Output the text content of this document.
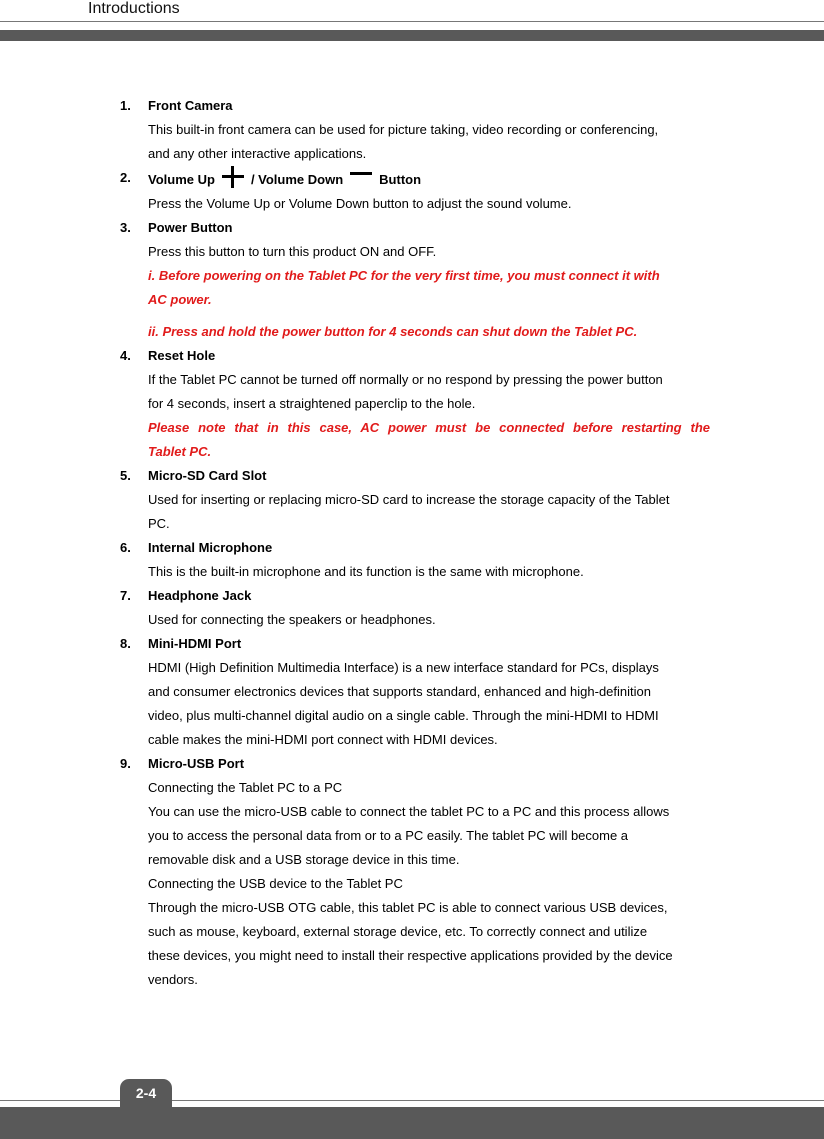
Introductions
1. Front Camera
This built-in front camera can be used for picture taking, video recording or conferencing,
and any other interactive applications.
2. Volume Up	/ Volume Down	Button
Press the Volume Up or Volume Down button to adjust the sound volume.
3. Power Button
Press this button to turn this product ON and OFF.
i. Before powering on the Tablet PC for the very first time, you must connect it with
AC power.
ii. Press and hold the power button for 4 seconds can shut down the Tablet PC.
4. Reset Hole
If the Tablet PC cannot be turned off normally or no respond by pressing the power button
for 4 seconds, insert a straightened paperclip to the hole.
Please note that in this case, AC power must be connected before restarting the
Tablet PC.
5. Micro-SD Card Slot
Used for inserting or replacing micro-SD card to increase the storage capacity of the Tablet
PC.
6. Internal Microphone
This is the built-in microphone and its function is the same with microphone.
7. Headphone Jack
Used for connecting the speakers or headphones.
8. Mini-HDMI Port
HDMI (High Definition Multimedia Interface) is a new interface standard for PCs, displays
and consumer electronics devices that supports standard, enhanced and high-definition
video, plus multi-channel digital audio on a single cable. Through the mini-HDMI to HDMI
cable makes the mini-HDMI port connect with HDMI devices.
9. Micro-USB Port
Connecting the Tablet PC to a PC
You can use the micro-USB cable to connect the tablet PC to a PC and this process allows
you to access the personal data from or to a PC easily. The tablet PC will become a
removable disk and a USB storage device in this time.
Connecting the USB device to the Tablet PC
Through the micro-USB OTG cable, this tablet PC is able to connect various USB devices,
such as mouse, keyboard, external storage device, etc. To correctly connect and utilize
these devices, you might need to install their respective applications provided by the device
vendors.
2-4
